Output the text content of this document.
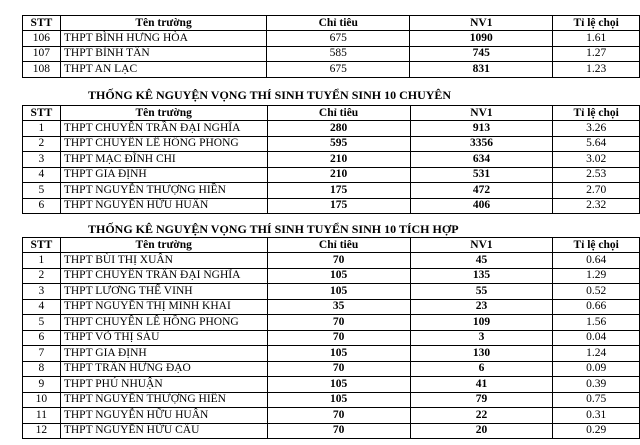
STT	Tên trường	Chỉ tiêu	NV1	Tỉ lệ chọi
106	THPT BÌNH HƯNG HÒA	675	1090	1.61
107	THPT BÌNH TÂN	585	745	1.27
108	THPT AN LẠC	675	831	1.23
THỐNG KÊ NGUYỆN VỌNG THÍ SINH TUYỂN SINH 10 CHUYÊN
STT	Tên trường	Chỉ tiêu	NV1	Tỉ lệ chọi
1	THPT CHUYÊN TRẦN ĐẠI NGHĨA	280	913	3.26
2	THPT CHUYÊN LÊ HỒNG PHONG	595	3356	5.64
3	THPT MẠC ĐĨNH CHI	210	634	3.02
4	THPT GIA ĐỊNH	210	531	2.53
5	THPT NGUYỄN THƯỢNG HIỀN	175	472	2.70
6	THPT NGUYỄN HỮU HUÂN	175	406	2.32
THỐNG KÊ NGUYỆN VỌNG THÍ SINH TUYỂN SINH 10 TÍCH HỢP
STT	Tên trường	Chỉ tiêu	NV1	Tỉ lệ chọi
1	THPT BÙI THỊ XUÂN	70	45	0.64
2	THPT CHUYÊN TRẦN ĐẠI NGHĨA	105	135	1.29
3	THPT LƯƠNG THẾ VINH	105	55	0.52
4	THPT NGUYỄN THỊ MINH KHAI	35	23	0.66
5	THPT CHUYÊN LÊ HỒNG PHONG	70	109	1.56
6	THPT VÕ THỊ SÁU	70	3	0.04
7	THPT GIA ĐỊNH	105	130	1.24
8	THPT TRẦN HƯNG ĐẠO	70	6	0.09
9	THPT PHÚ NHUẬN	105	41	0.39
10	THPT NGUYỄN THƯỢNG HIỀN	105	79	0.75
11	THPT NGUYỄN HỮU HUÂN	70	22	0.31
12	THPT NGUYỄN HỮU CẦU	70	20	0.29
